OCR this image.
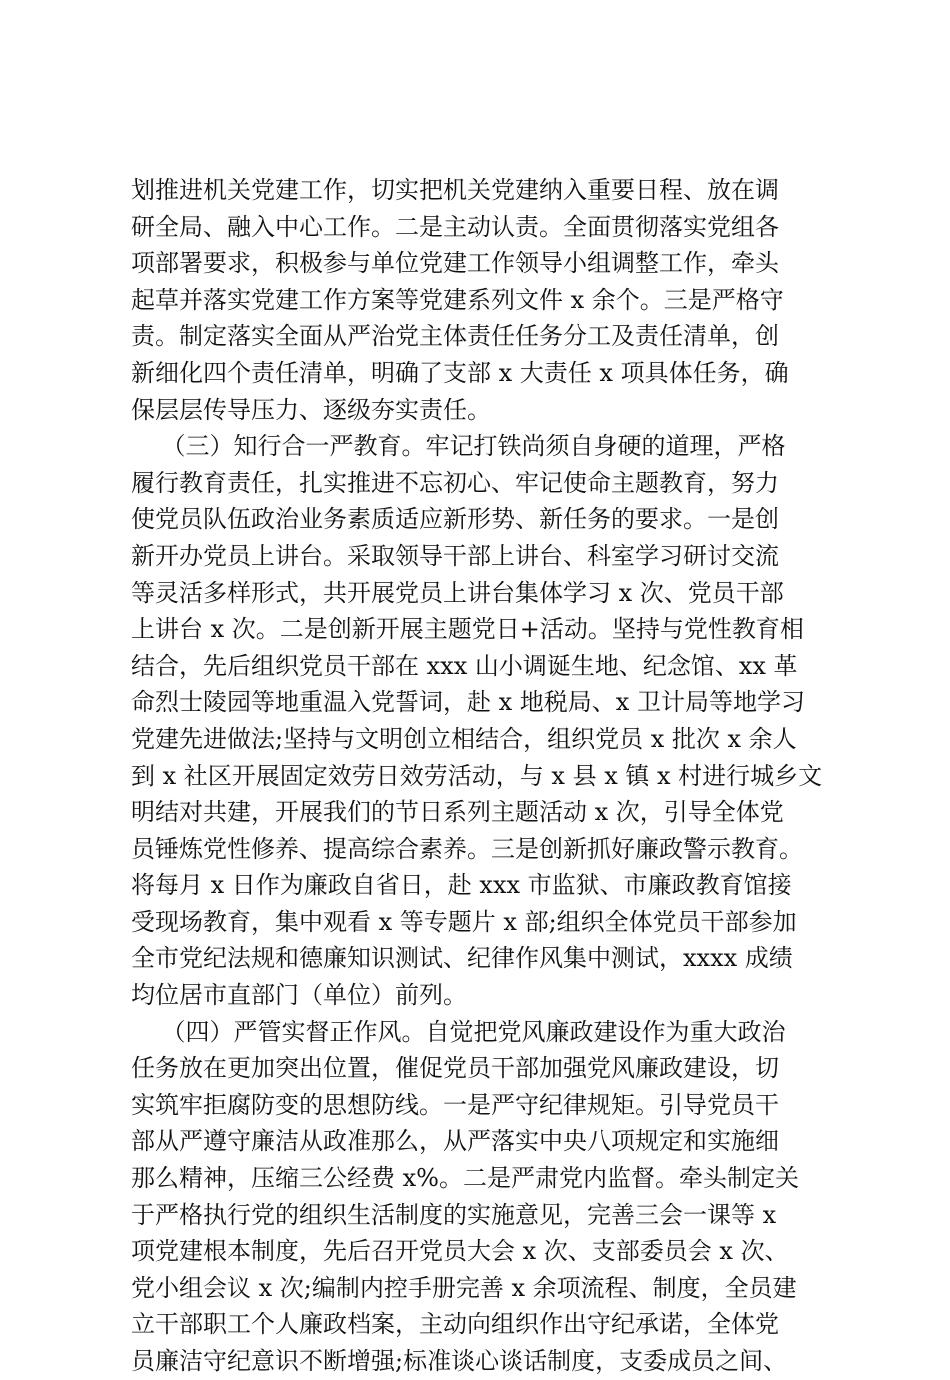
划推进机关党建工作，切实把机关党建纳入重要日程、放在调
研全局、融入中心工作。二是主动认责。全面贯彻落实党组各
项部署要求，积极参与单位党建工作领导小组调整工作，牵头
起草并落实党建工作方案等党建系列文件 x 余个。三是严格守
责。制定落实全面从严治党主体责任任务分工及责任清单，创
新细化四个责任清单，明确了支部 x 大责任 x 项具体任务，确
保层层传导压力、逐级夯实责任。
（三）知行合一严教育。牢记打铁尚须自身硬的道理，严格
履行教育责任，扎实推进不忘初心、牢记使命主题教育，努力
使党员队伍政治业务素质适应新形势、新任务的要求。一是创
新开办党员上讲台。采取领导干部上讲台、科室学习研讨交流
等灵活多样形式，共开展党员上讲台集体学习 x 次、党员干部
上讲台 x 次。二是创新开展主题党日+活动。坚持与党性教育相
结合，先后组织党员干部在 xxx 山小调诞生地、纪念馆、xx 革
命烈士陵园等地重温入党誓词，赴 x 地税局、x 卫计局等地学习
党建先进做法;坚持与文明创立相结合，组织党员 x 批次 x 余人
到 x 社区开展固定效劳日效劳活动，与 x 县 x 镇 x 村进行城乡文
明结对共建，开展我们的节日系列主题活动 x 次，引导全体党
员锤炼党性修养、提高综合素养。三是创新抓好廉政警示教育。
将每月 x 日作为廉政自省日，赴 xxx 市监狱、市廉政教育馆接
受现场教育，集中观看 x 等专题片 x 部;组织全体党员干部参加
全市党纪法规和德廉知识测试、纪律作风集中测试，xxxx 成绩
均位居市直部门（单位）前列。
（四）严管实督正作风。自觉把党风廉政建设作为重大政治
任务放在更加突出位置，催促党员干部加强党风廉政建设，切
实筑牢拒腐防变的思想防线。一是严守纪律规矩。引导党员干
部从严遵守廉洁从政准那么，从严落实中央八项规定和实施细
那么精神，压缩三公经费 x%。二是严肃党内监督。牵头制定关
于严格执行党的组织生活制度的实施意见，完善三会一课等 x
项党建根本制度，先后召开党员大会 x 次、支部委员会 x 次、
党小组会议 x 次;编制内控手册完善 x 余项流程、制度，全员建
立干部职工个人廉政档案，主动向组织作出守纪承诺，全体党
员廉洁守纪意识不断增强;标准谈心谈话制度，支委成员之间、
